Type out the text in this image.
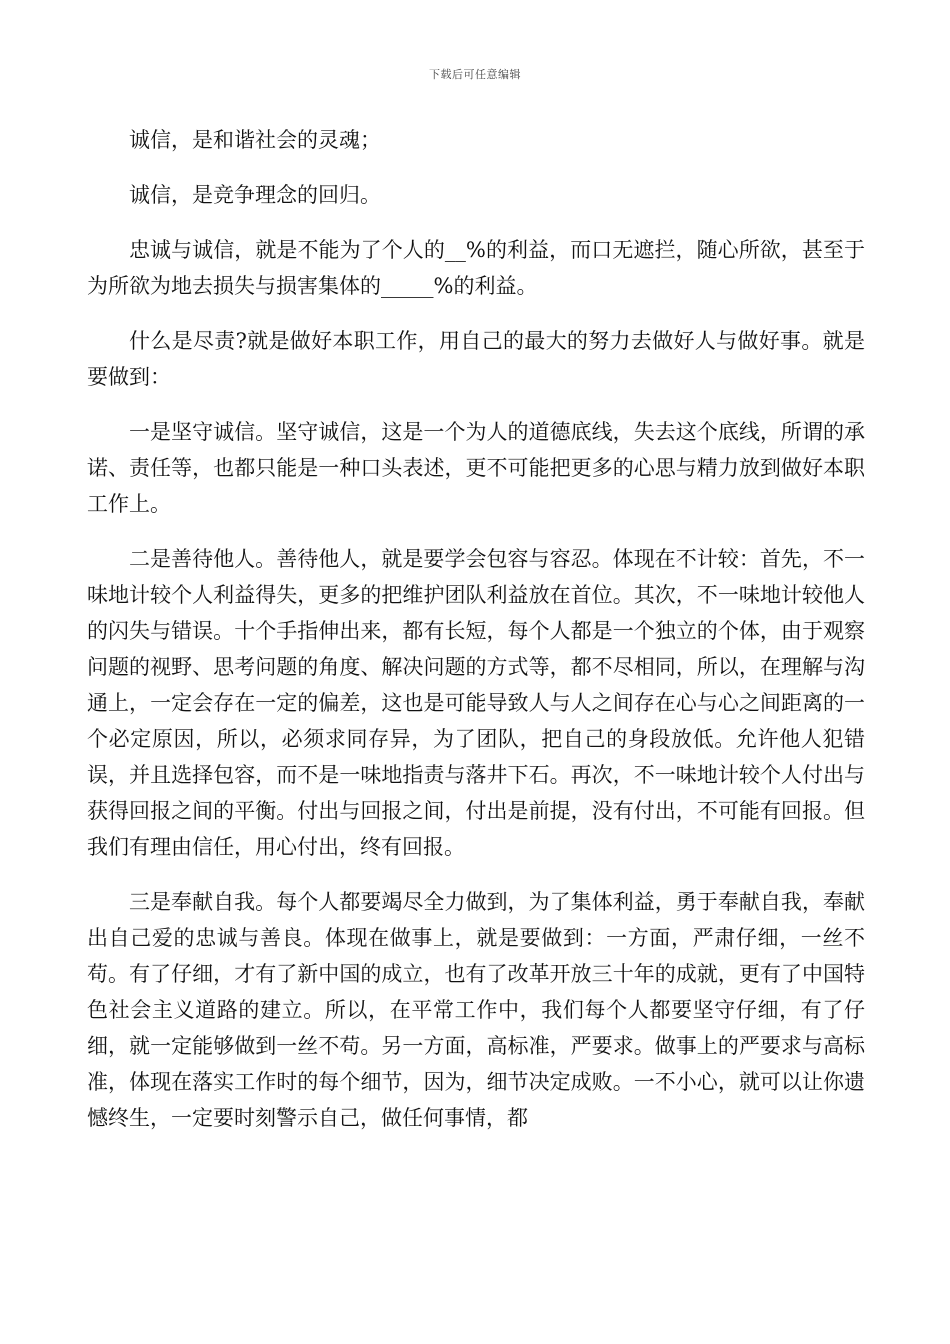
下载后可任意编辑

诚信，是和谐社会的灵魂；

诚信，是竞争理念的回归。

忠诚与诚信，就是不能为了个人的__%的利益，而口无遮拦，随心所欲，甚至于为所欲为地去损失与损害集体的_____%的利益。

什么是尽责?就是做好本职工作，用自己的最大的努力去做好人与做好事。就是要做到：

一是坚守诚信。坚守诚信，这是一个为人的道德底线，失去这个底线，所谓的承诺、责任等，也都只能是一种口头表述，更不可能把更多的心思与精力放到做好本职工作上。

二是善待他人。善待他人，就是要学会包容与容忍。体现在不计较：首先，不一味地计较个人利益得失，更多的把维护团队利益放在首位。其次，不一味地计较他人的闪失与错误。十个手指伸出来，都有长短，每个人都是一个独立的个体，由于观察问题的视野、思考问题的角度、解决问题的方式等，都不尽相同，所以，在理解与沟通上，一定会存在一定的偏差，这也是可能导致人与人之间存在心与心之间距离的一个必定原因，所以，必须求同存异，为了团队，把自己的身段放低。允许他人犯错误，并且选择包容，而不是一味地指责与落井下石。再次，不一味地计较个人付出与获得回报之间的平衡。付出与回报之间，付出是前提，没有付出，不可能有回报。但我们有理由信任，用心付出，终有回报。

三是奉献自我。每个人都要竭尽全力做到，为了集体利益，勇于奉献自我，奉献出自己爱的忠诚与善良。体现在做事上，就是要做到：一方面，严肃仔细，一丝不苟。有了仔细，才有了新中国的成立，也有了改革开放三十年的成就，更有了中国特色社会主义道路的建立。所以，在平常工作中，我们每个人都要坚守仔细，有了仔细，就一定能够做到一丝不苟。另一方面，高标准，严要求。做事上的严要求与高标准，体现在落实工作时的每个细节，因为，细节决定成败。一不小心，就可以让你遗憾终生，一定要时刻警示自己，做任何事情，都
